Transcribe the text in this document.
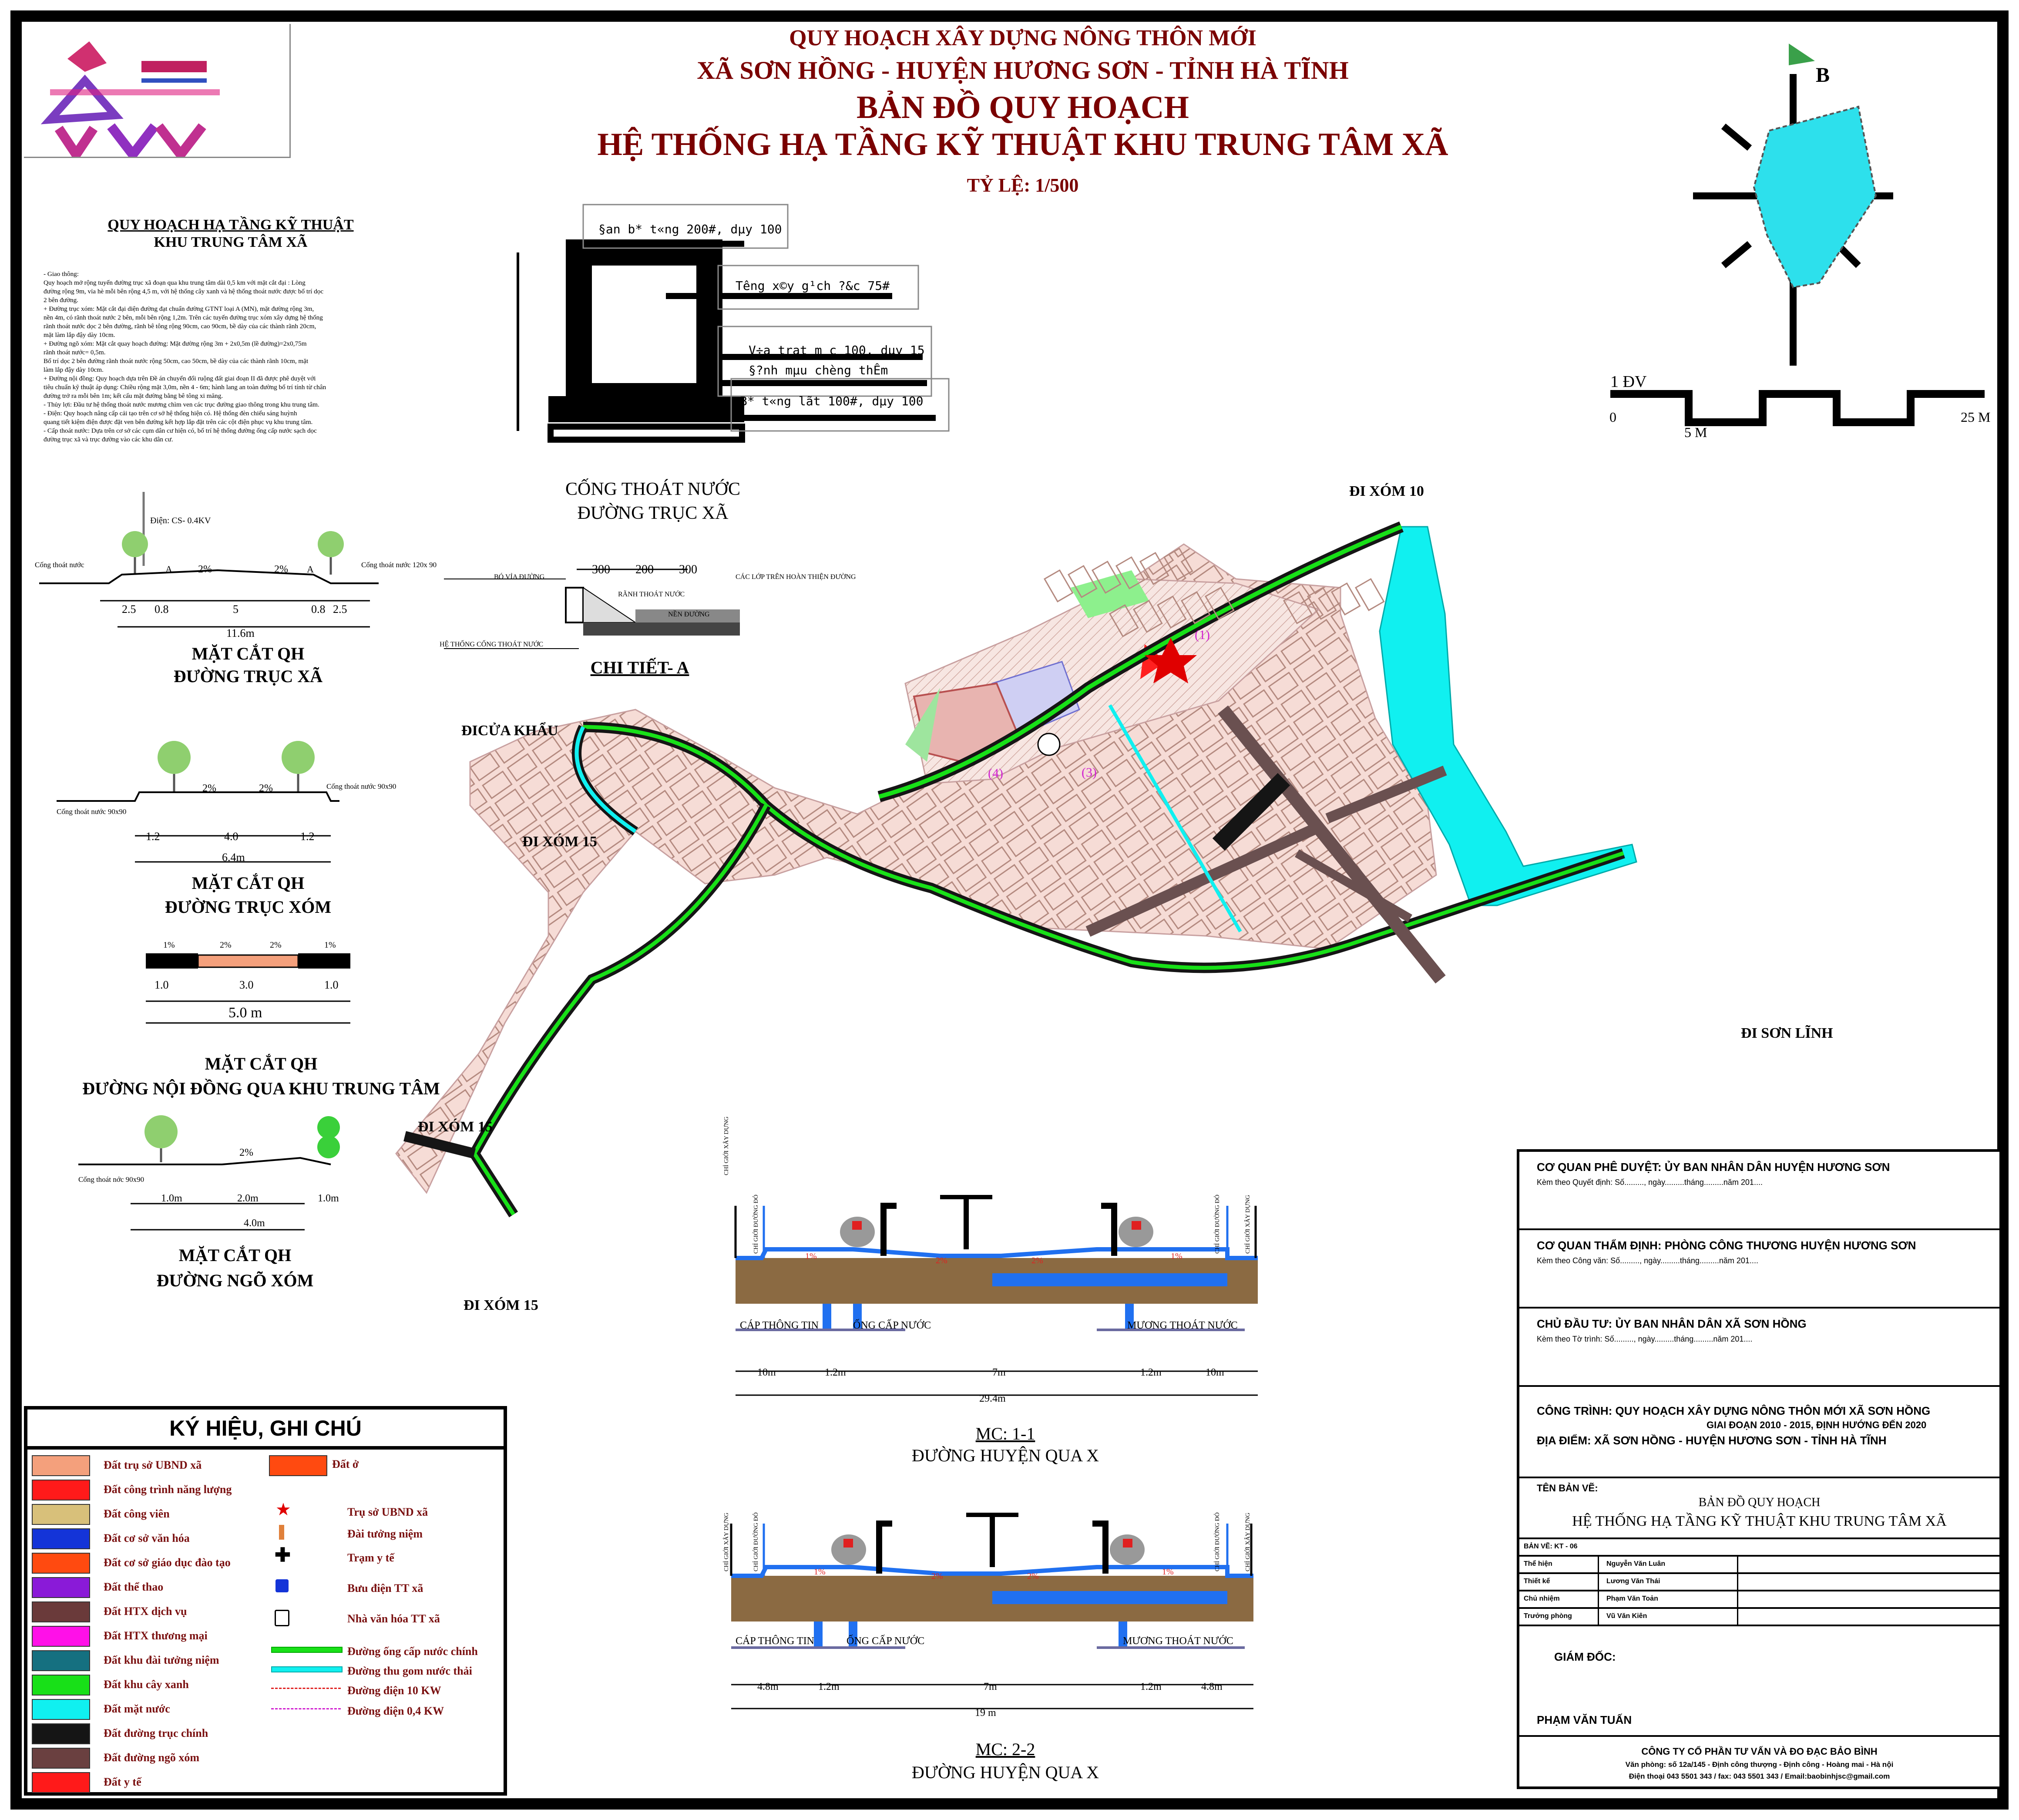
QUY HOẠCH XÂY DỰNG NÔNG THÔN MỚI
XÃ SƠN HỒNG - HUYỆN HƯƠNG SƠN - TỈNH HÀ TĨNH
BẢN ĐỒ QUY HOẠCH
HỆ THỐNG HẠ TẦNG KỸ THUẬT KHU TRUNG TÂM XÃ
TỶ LỆ: 1/500
B
1 ĐV
0
5 M
25 M
QUY HOẠCH HẠ TẦNG KỸ THUẬT
KHU TRUNG TÂM XÃ
- Giao thông:
Quy hoạch mở rộng tuyến đường trục xã đoạn qua khu trung tâm dài 0,5 km với mặt cắt đại : Lòng
đường rộng 9m, vỉa hè mỗi bên rộng 4,5 m, với hệ thống cây xanh và hệ thống thoát nước được bố trí dọc
2 bên đường.
+ Đường trục xóm: Mặt cắt đại diện đường đạt chuẩn đường GTNT loại A (MN), mặt đường rộng 3m,
nền 4m, có rãnh thoát nước 2 bên, mỗi bên rộng 1,2m. Trên các tuyến đường trục xóm xây dựng hệ thống
rãnh thoát nước dọc 2 bên đường, rãnh bê tông rộng 90cm, cao 90cm, bề dày của các thành rãnh 20cm,
mặt làm lắp đậy dày 10cm.
+ Đường ngõ xóm: Mặt cắt quay hoạch đường: Mặt đường rộng 3m + 2x0,5m (lề đường)=2x0,75m
rãnh thoát nước= 0,5m.
Bố trí dọc 2 bên đường rãnh thoát nước rộng 50cm, cao 50cm, bề dày của các thành rãnh 10cm, mặt
làm lắp đậy dày 10cm.
+ Đường nội đồng: Quy hoạch dựa trên Đề án chuyển đổi ruộng đất giai đoạn II đã được phê duyệt với
tiêu chuẩn kỹ thuật áp dụng: Chiều rộng mặt 3,0m, nền 4 - 6m; hành lang an toàn đường bố trí tính từ chân
đường trở ra mỗi bên 1m; kết cấu mặt đường bằng bê tông xi măng.
- Thủy lợi: Đầu tư hệ thống thoát nước mương chìm ven các trục đường giao thông trong khu trung tâm.
- Điện: Quy hoạch nâng cấp cải tạo trên cơ sở hệ thống hiện có. Hệ thống đèn chiếu sáng huỳnh
quang tiết kiệm điện được đặt ven bên đường kết hợp lắp đặt trên các cột điện phục vụ khu trung tâm.
- Cấp thoát nước: Dựa trên cơ sở các cụm dân cư hiện có, bố trí hệ thống đường ống cấp nước sạch dọc
đường trục xã và trục đường vào các khu dân cư.
§an b* t«ng 200#, dµy 100
Têng x©y g¹ch ?&c 75#
V÷a trat m¸c 100, dµy 15
§?nh mµu chèng thÊm
B* t«ng lãt 100#, dµy 100
CỐNG THOÁT NƯỚC
ĐƯỜNG TRỤC XÃ
Điện: CS- 0.4KV
Cống thoát nước	Cống thoát nước 120x 90
2%	2%
A	A
2.5 0.8	5	0.8 2.5
11.6m
MẶT CẮT QH
ĐƯỜNG TRỤC XÃ
Cống thoát nước 90x90
Cống thoát nước 90x90
2%	2%
1.2	4.0	1.2
6.4m
MẶT CẮT QH
ĐƯỜNG TRỤC XÓM
1%	2%	2%	1%
1.0	3.0	1.0
5.0 m
MẶT CẮT QH
ĐƯỜNG NỘI ĐỒNG QUA KHU TRUNG TÂM
Cống thoát nớc 90x90
2%
1.0m	2.0m	1.0m
4.0m
MẶT CẮT QH
ĐƯỜNG NGÕ XÓM
300 200 300
BÓ VỈA ĐƯỜNG
RÃNH THOÁT NƯỚC
CÁC LỚP TRÊN HOÀN THIỆN ĐƯỜNG
NỀN ĐƯỜNG
HỆ THỐNG CỐNG THOÁT NƯỚC
CHI TIẾT- A
ĐI XÓM 10
ĐICỬA KHẨU
ĐI XÓM 15
ĐI SƠN LĨNH
ĐI XÓM 15
ĐI XÓM 15
(1)
(4)	(3)
CÁP THÔNG TIN	ỐNG CẤP NƯỚC	MƯƠNG THOÁT NƯỚC
10m	1.2m	7m	1.2m	10m
29.4m
1%	2%	2%	1%
CHỈ GIỚI XÂY DỰNG
CHỈ GIỚI ĐƯỜNG ĐỎ	CHỈ GIỚI ĐƯỜNG ĐỎ	CHỈ GIỚI XÂY DỰNG
MC: 1-1
ĐƯỜNG HUYỆN QUA X
CÁP THÔNG TIN	ỐNG CẤP NƯỚC	MƯƠNG THOÁT NƯỚC
4.8m	1.2m	7m	1.2m	4.8m
19 m
1%	2%	2%	1%
CHỈ GIỚI XÂY DỰNG	CHỈ GIỚI ĐƯỜNG ĐỎ	CHỈ GIỚI ĐƯỜNG ĐỎ	CHỈ GIỚI XÂY DỰNG
MC: 2-2
ĐƯỜNG HUYỆN QUA X
KÝ HIỆU, GHI CHÚ
Đất trụ sở UBND xã
Đất công trình năng lượng
Đất công viên
Đất cơ sở văn hóa
Đất cơ sở giáo dục đào tạo
Đất thể thao
Đất HTX dịch vụ
Đất HTX thương mại
Đất khu đài tưởng niệm
Đất khu cây xanh
Đất mặt nước
Đất đường trục chính
Đất đường ngõ xóm
Đất y tế
Đất ở
★	Trụ sở UBND xã
Đài tưởng niệm
✚	Trạm y tế
Bưu điện TT xã
Nhà văn hóa TT xã
Đường ống cấp nước chính
Đường thu gom nước thải
Đường điện 10 KW
Đường điện 0,4 KW
CƠ QUAN PHÊ DUYỆT: ỦY BAN NHÂN DÂN HUYỆN HƯƠNG SƠN
Kèm theo Quyết định: Số........., ngày.........tháng.........năm 201....
CƠ QUAN THẨM ĐỊNH: PHÒNG CÔNG THƯƠNG HUYỆN HƯƠNG SƠN
Kèm theo Công văn: Số........., ngày.........tháng.........năm 201....
CHỦ ĐẦU TƯ: ỦY BAN NHÂN DÂN XÃ SƠN HỒNG
Kèm theo Tờ trình: Số........., ngày.........tháng.........năm 201....
CÔNG TRÌNH: QUY HOẠCH XÂY DỰNG NÔNG THÔN MỚI XÃ SƠN HỒNG
GIAI ĐOẠN 2010 - 2015, ĐỊNH HƯỚNG ĐẾN 2020
ĐỊA ĐIỂM: XÃ SƠN HỒNG - HUYỆN HƯƠNG SƠN - TỈNH HÀ TĨNH
TÊN BẢN VẼ:
BẢN ĐỒ QUY HOẠCH
HỆ THỐNG HẠ TẦNG KỸ THUẬT KHU TRUNG TÂM XÃ
BẢN VẼ: KT - 06
Thể hiện	Nguyễn Văn Luân
Thiết kế	Lương Văn Thái
Chủ nhiệm	Phạm Văn Toản
Trưởng phòng	Vũ Văn Kiên
GIÁM ĐỐC:
PHẠM VĂN TUẤN
CÔNG TY CỔ PHẦN TƯ VẤN VÀ ĐO ĐẠC BẢO BÌNH
Văn phòng: số 12a/145 - Định công thượng - Định công - Hoàng mai - Hà nội
Điện thoại 043 5501 343 / fax: 043 5501 343 / Email:baobinhjsc@gmail.com
